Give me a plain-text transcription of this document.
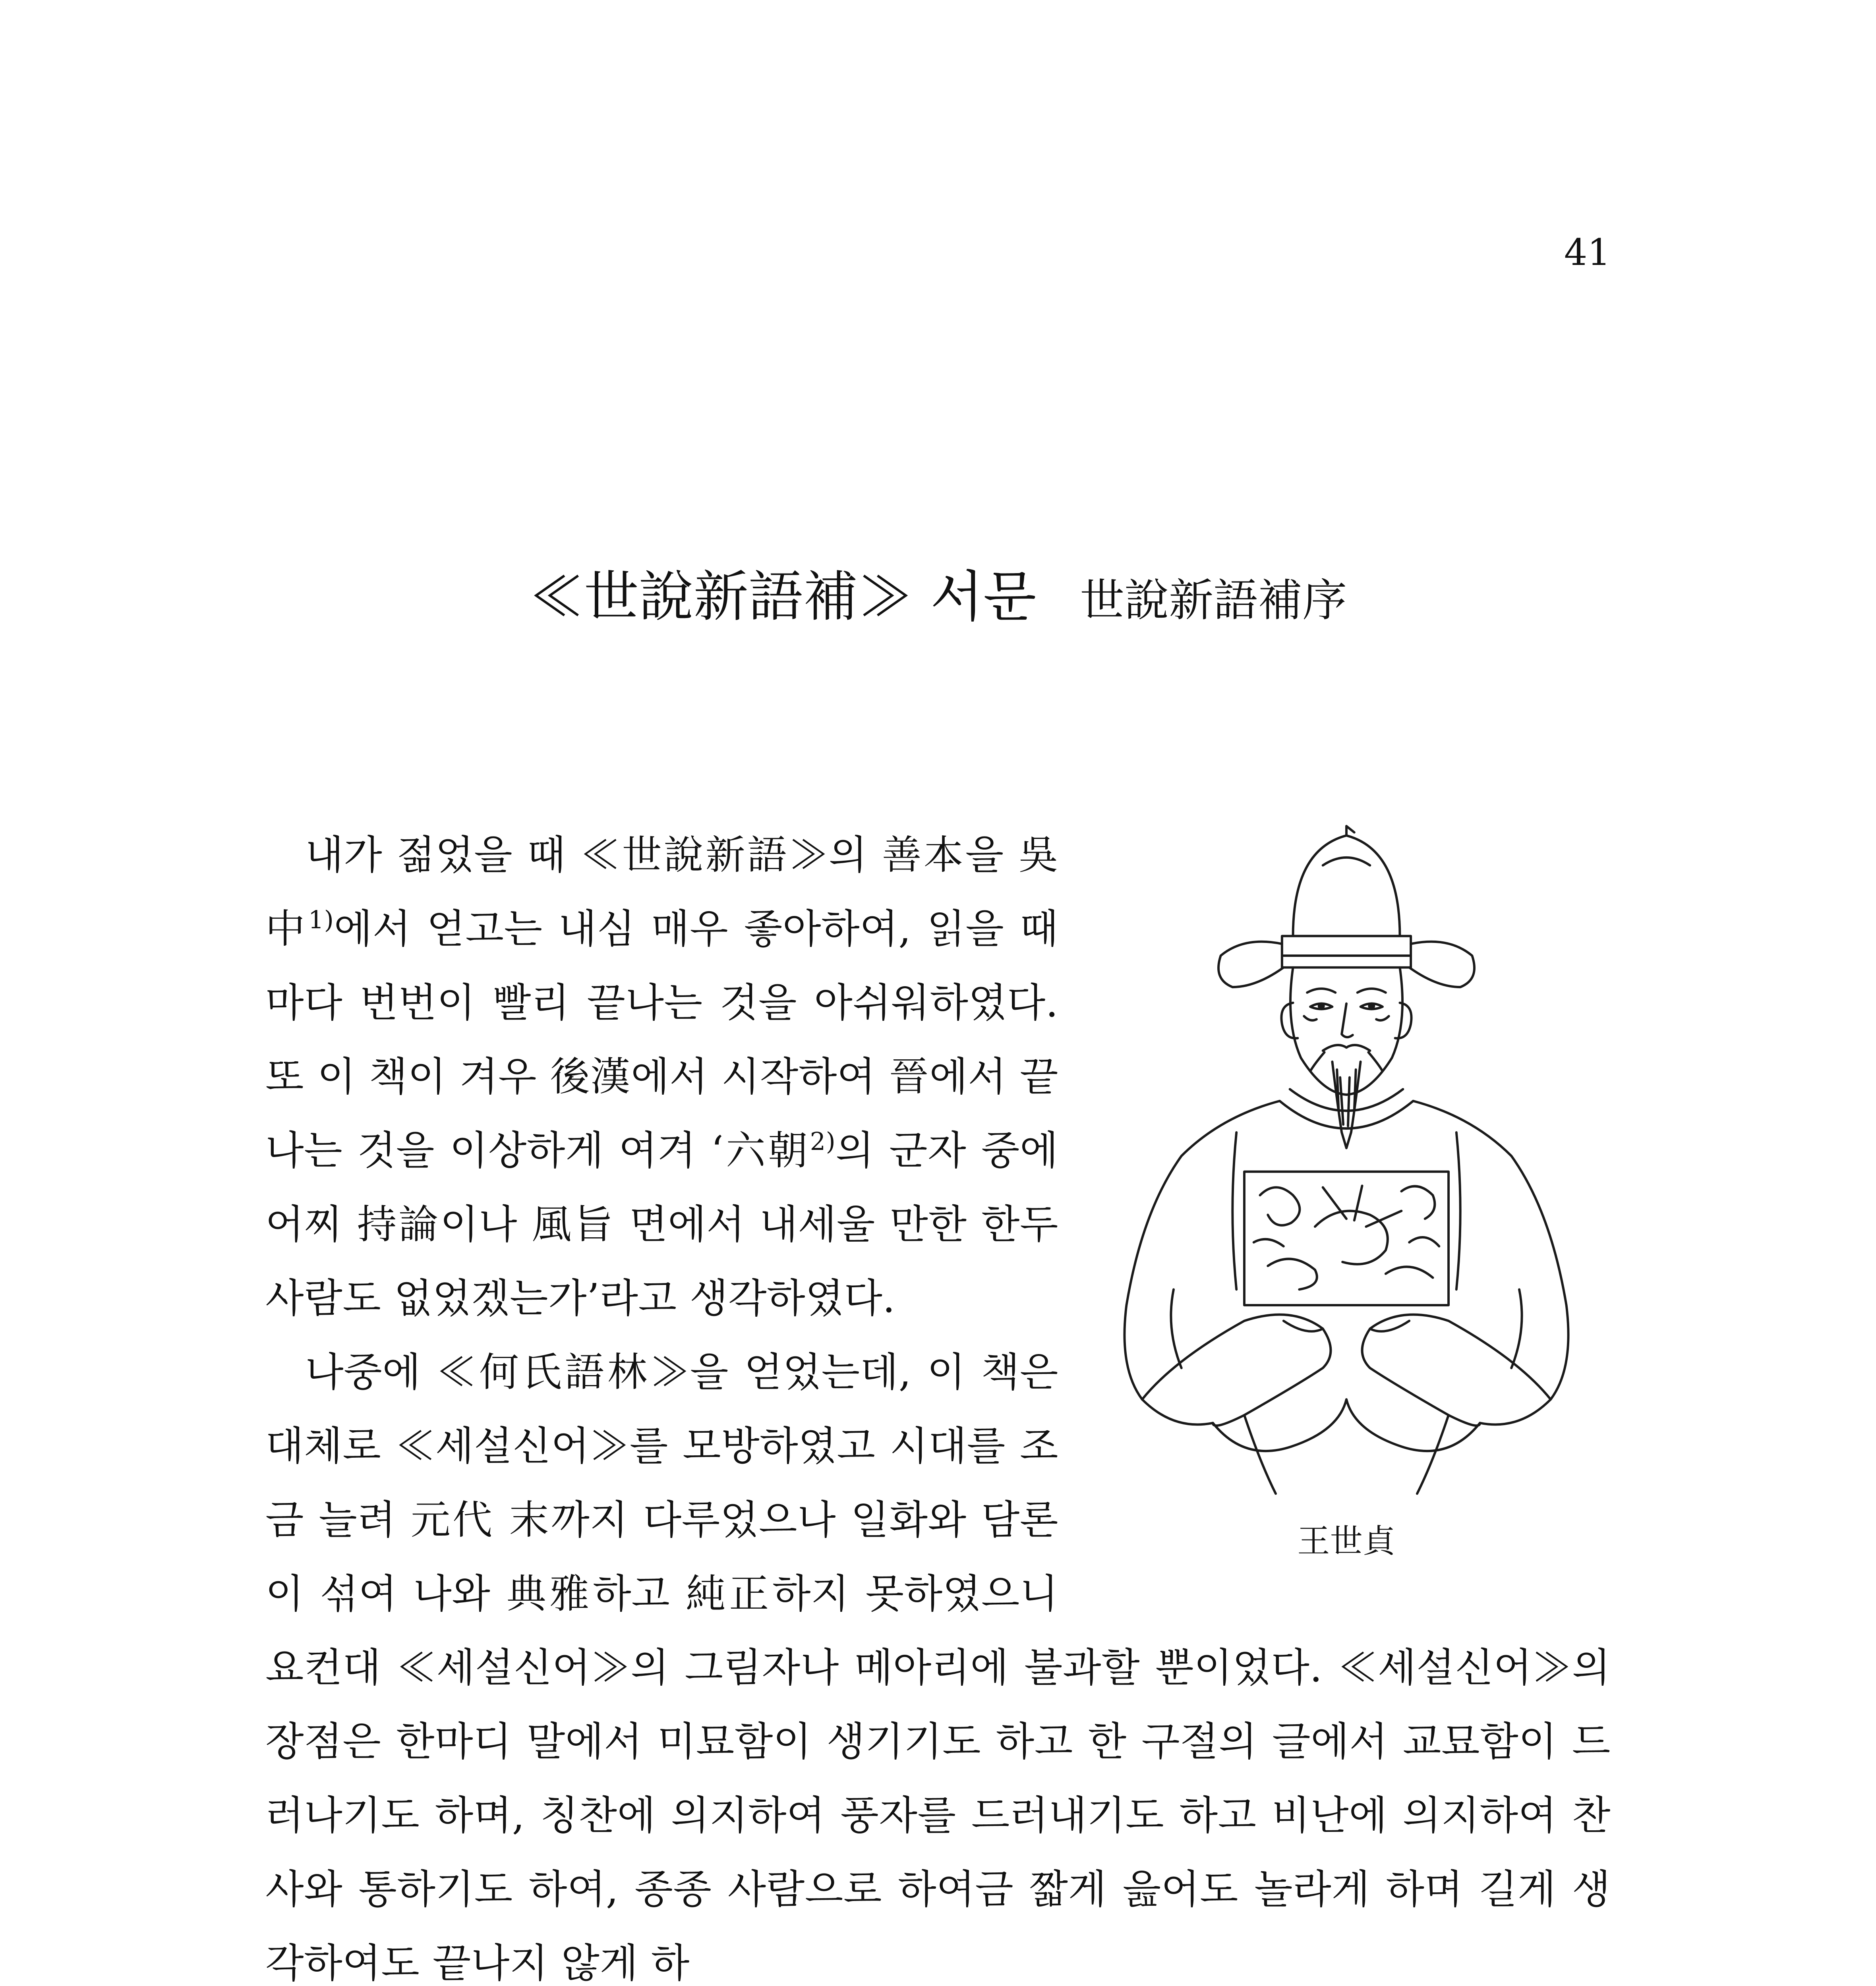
41
≪世說新語補≫ 서문 世說新語補序
王世貞

내가 젊었을 때 ≪世說新語≫의 善本을 吳中$^{1)}$에서 얻고는 내심 매우 좋아하여, 읽을 때마다 번번이 빨리 끝나는 것을 아쉬워하였다. 또 이 책이 겨우 後漢에서 시작하여 晉에서 끝나는 것을 이상하게 여겨 ‘六朝$^{2)}$의 군자 중에 어찌 持論이나 風旨 면에서 내세울 만한 한두 사람도 없었겠는가’라고 생각하였다.

나중에 ≪何氏語林≫을 얻었는데, 이 책은 대체로 ≪세설신어≫를 모방하였고 시대를 조금 늘려 元代 末까지 다루었으나 일화와 담론이 섞여 나와 典雅하고 純正하지 못하였으니 요컨대 ≪세설신어≫의 그림자나 메아리에 불과할 뿐이었다. ≪세설신어≫의 장점은 한마디 말에서 미묘함이 생기기도 하고 한 구절의 글에서 교묘함이 드러나기도 하며, 칭찬에 의지하여 풍자를 드러내기도 하고 비난에 의지하여 찬사와 통하기도 하여, 종종 사람으로 하여금 짧게 읊어도 놀라게 하며 길게 생각하여도 끝나지 않게 하
